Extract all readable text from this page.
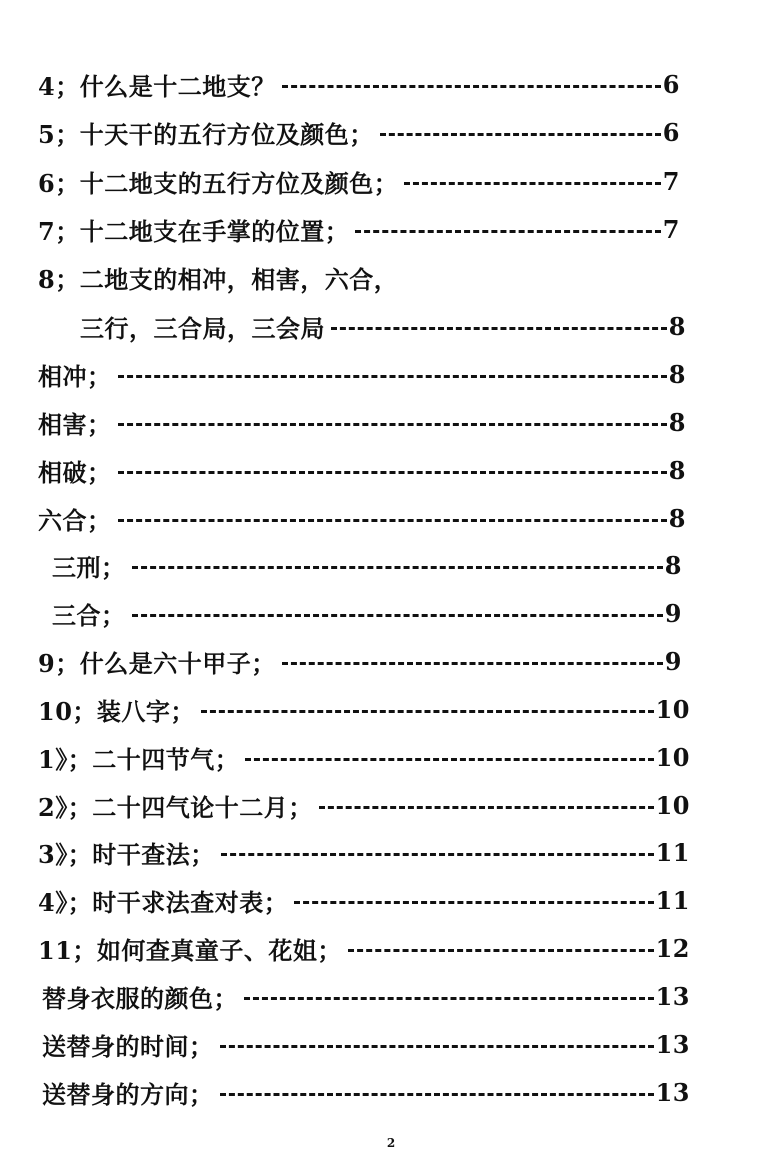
4；什么是十二地支？	6
5；十天干的五行方位及颜色；	6
6；十二地支的五行方位及颜色；	7
7；十二地支在手掌的位置；	7
8；二地支的相冲，相害，六合，
三行，三合局，三会局	8
相冲；	8
相害；	8
相破；	8
六合；	8
三刑；	8
三合；	9
9；什么是六十甲子；	9
10；装八字；	10
1》；二十四节气；	10
2》；二十四气论十二月；	10
3》；时干查法；	11
4》；时干求法查对表；	11
11；如何查真童子、花姐；	12
替身衣服的颜色；	13
送替身的时间；	13
送替身的方向；	13
2
